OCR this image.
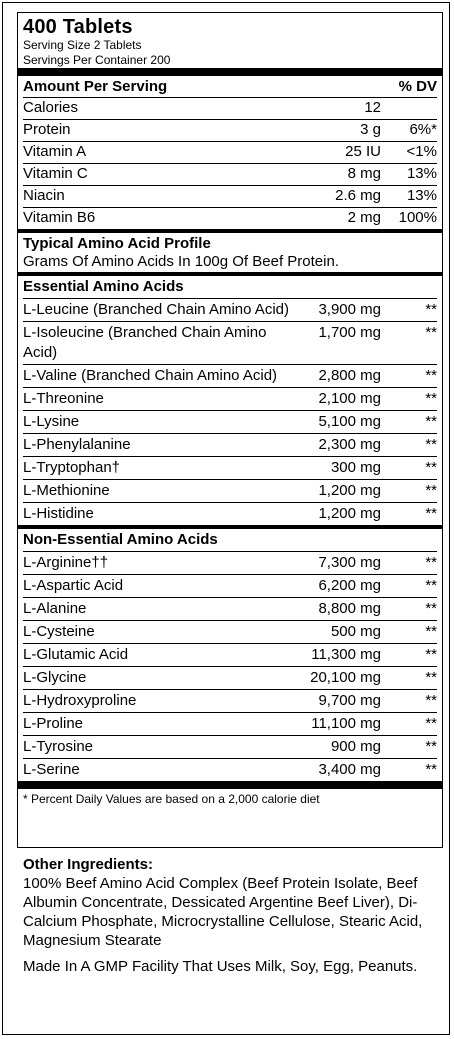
400 Tablets
Serving Size 2 Tablets
Servings Per Container 200
Amount Per Serving	% DV
Calories	12
Protein	3 g	6%*
Vitamin A	25 IU	<1%
Vitamin C	8 mg	13%
Niacin	2.6 mg	13%
Vitamin B6	2 mg	100%
Typical Amino Acid Profile
Grams Of Amino Acids In 100g Of Beef Protein.
Essential Amino Acids
L-Leucine (Branched Chain Amino Acid)	3,900 mg	**
L-Isoleucine (Branched Chain Amino Acid)
1,700 mg	**
L-Valine (Branched Chain Amino Acid)	2,800 mg	**
L-Threonine	2,100 mg	**
L-Lysine	5,100 mg	**
L-Phenylalanine	2,300 mg	**
L-Tryptophan†	300 mg	**
L-Methionine	1,200 mg	**
L-Histidine	1,200 mg	**
Non-Essential Amino Acids
L-Arginine††	7,300 mg	**
L-Aspartic Acid	6,200 mg	**
L-Alanine	8,800 mg	**
L-Cysteine	500 mg	**
L-Glutamic Acid	11,300 mg	**
L-Glycine	20,100 mg	**
L-Hydroxyproline	9,700 mg	**
L-Proline	11,100 mg	**
L-Tyrosine	900 mg	**
L-Serine	3,400 mg	**
* Percent Daily Values are based on a 2,000 calorie diet
Other Ingredients:
100% Beef Amino Acid Complex (Beef Protein Isolate, Beef Albumin Concentrate, Dessicated Argentine Beef Liver), Di-Calcium Phosphate, Microcrystalline Cellulose, Stearic Acid, Magnesium Stearate
Made In A GMP Facility That Uses Milk, Soy, Egg, Peanuts.
